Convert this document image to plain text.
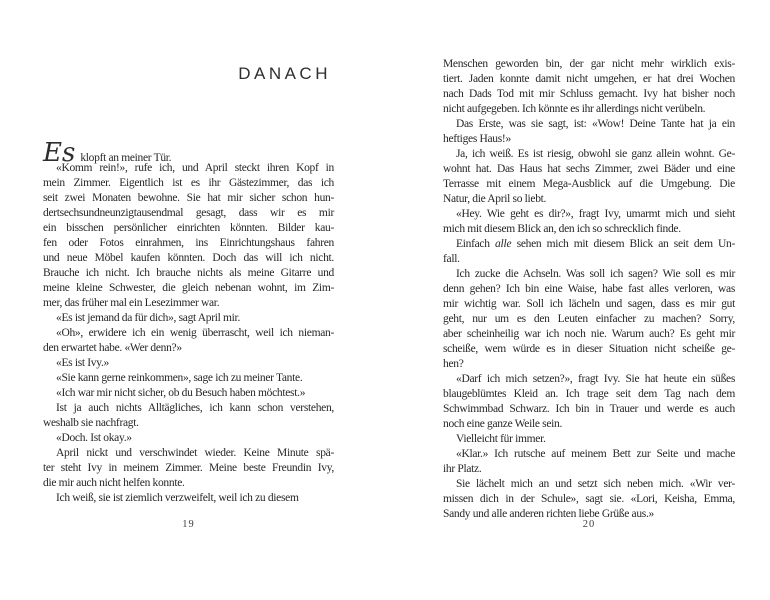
DANACH
Es klopft an meiner Tür.
«Komm rein!», rufe ich, und April steckt ihren Kopf in
mein Zimmer. Eigentlich ist es ihr Gästezimmer, das ich
seit zwei Monaten bewohne. Sie hat mir sicher schon hun-
dertsechsundneunzigtausendmal gesagt, dass wir es mir
ein bisschen persönlicher einrichten könnten. Bilder kau-
fen oder Fotos einrahmen, ins Einrichtungshaus fahren
und neue Möbel kaufen könnten. Doch das will ich nicht.
Brauche ich nicht. Ich brauche nichts als meine Gitarre und
meine kleine Schwester, die gleich nebenan wohnt, im Zim-
mer, das früher mal ein Lesezimmer war.
«Es ist jemand da für dich», sagt April mir.
«Oh», erwidere ich ein wenig überrascht, weil ich nieman-
den erwartet habe. «Wer denn?»
«Es ist Ivy.»
«Sie kann gerne reinkommen», sage ich zu meiner Tante.
«Ich war mir nicht sicher, ob du Besuch haben möchtest.»
Ist ja auch nichts Alltägliches, ich kann schon verstehen,
weshalb sie nachfragt.
«Doch. Ist okay.»
April nickt und verschwindet wieder. Keine Minute spä-
ter steht Ivy in meinem Zimmer. Meine beste Freundin Ivy,
die mir auch nicht helfen konnte.
Ich weiß, sie ist ziemlich verzweifelt, weil ich zu diesem
Menschen geworden bin, der gar nicht mehr wirklich exis-
tiert. Jaden konnte damit nicht umgehen, er hat drei Wochen
nach Dads Tod mit mir Schluss gemacht. Ivy hat bisher noch
nicht aufgegeben. Ich könnte es ihr allerdings nicht verübeln.
Das Erste, was sie sagt, ist: «Wow! Deine Tante hat ja ein
heftiges Haus!»
Ja, ich weiß. Es ist riesig, obwohl sie ganz allein wohnt. Ge-
wohnt hat. Das Haus hat sechs Zimmer, zwei Bäder und eine
Terrasse mit einem Mega-Ausblick auf die Umgebung. Die
Natur, die April so liebt.
«Hey. Wie geht es dir?», fragt Ivy, umarmt mich und sieht
mich mit diesem Blick an, den ich so schrecklich finde.
Einfach alle sehen mich mit diesem Blick an seit dem Un-
fall.
Ich zucke die Achseln. Was soll ich sagen? Wie soll es mir
denn gehen? Ich bin eine Waise, habe fast alles verloren, was
mir wichtig war. Soll ich lächeln und sagen, dass es mir gut
geht, nur um es den Leuten einfacher zu machen? Sorry,
aber scheinheilig war ich noch nie. Warum auch? Es geht mir
scheiße, wem würde es in dieser Situation nicht scheiße ge-
hen?
«Darf ich mich setzen?», fragt Ivy. Sie hat heute ein süßes
blaugeblümtes Kleid an. Ich trage seit dem Tag nach dem
Schwimmbad Schwarz. Ich bin in Trauer und werde es auch
noch eine ganze Weile sein.
Vielleicht für immer.
«Klar.» Ich rutsche auf meinem Bett zur Seite und mache
ihr Platz.
Sie lächelt mich an und setzt sich neben mich. «Wir ver-
missen dich in der Schule», sagt sie. «Lori, Keisha, Emma,
Sandy und alle anderen richten liebe Grüße aus.»
19	20
